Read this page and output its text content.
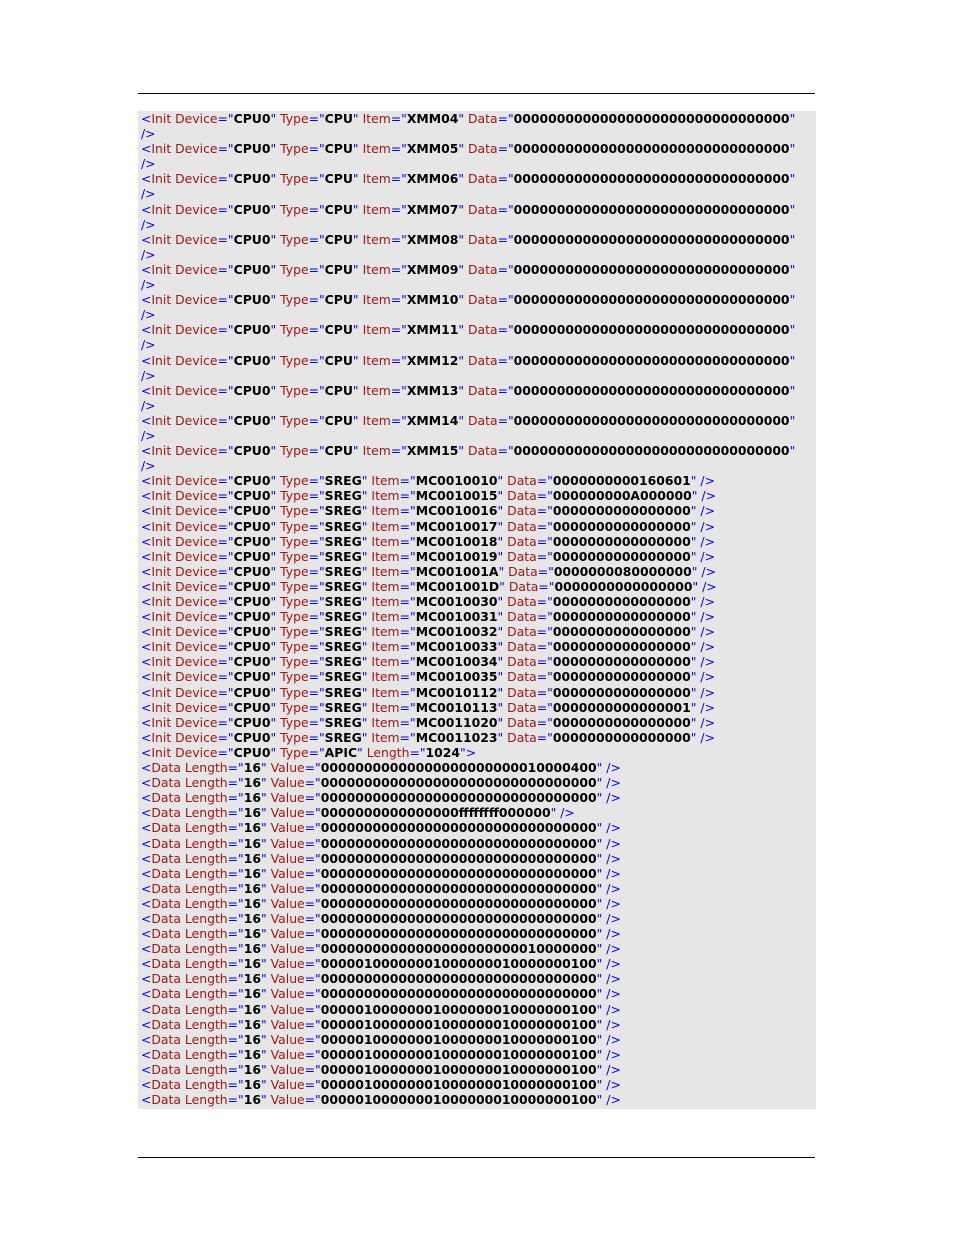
<Init Device="CPU0" Type="CPU" Item="XMM04" Data="00000000000000000000000000000000"
/>
<Init Device="CPU0" Type="CPU" Item="XMM05" Data="00000000000000000000000000000000"
/>
<Init Device="CPU0" Type="CPU" Item="XMM06" Data="00000000000000000000000000000000"
/>
<Init Device="CPU0" Type="CPU" Item="XMM07" Data="00000000000000000000000000000000"
/>
<Init Device="CPU0" Type="CPU" Item="XMM08" Data="00000000000000000000000000000000"
/>
<Init Device="CPU0" Type="CPU" Item="XMM09" Data="00000000000000000000000000000000"
/>
<Init Device="CPU0" Type="CPU" Item="XMM10" Data="00000000000000000000000000000000"
/>
<Init Device="CPU0" Type="CPU" Item="XMM11" Data="00000000000000000000000000000000"
/>
<Init Device="CPU0" Type="CPU" Item="XMM12" Data="00000000000000000000000000000000"
/>
<Init Device="CPU0" Type="CPU" Item="XMM13" Data="00000000000000000000000000000000"
/>
<Init Device="CPU0" Type="CPU" Item="XMM14" Data="00000000000000000000000000000000"
/>
<Init Device="CPU0" Type="CPU" Item="XMM15" Data="00000000000000000000000000000000"
/>
<Init Device="CPU0" Type="SREG" Item="MC0010010" Data="0000000000160601" />
<Init Device="CPU0" Type="SREG" Item="MC0010015" Data="000000000A000000" />
<Init Device="CPU0" Type="SREG" Item="MC0010016" Data="0000000000000000" />
<Init Device="CPU0" Type="SREG" Item="MC0010017" Data="0000000000000000" />
<Init Device="CPU0" Type="SREG" Item="MC0010018" Data="0000000000000000" />
<Init Device="CPU0" Type="SREG" Item="MC0010019" Data="0000000000000000" />
<Init Device="CPU0" Type="SREG" Item="MC001001A" Data="0000000080000000" />
<Init Device="CPU0" Type="SREG" Item="MC001001D" Data="0000000000000000" />
<Init Device="CPU0" Type="SREG" Item="MC0010030" Data="0000000000000000" />
<Init Device="CPU0" Type="SREG" Item="MC0010031" Data="0000000000000000" />
<Init Device="CPU0" Type="SREG" Item="MC0010032" Data="0000000000000000" />
<Init Device="CPU0" Type="SREG" Item="MC0010033" Data="0000000000000000" />
<Init Device="CPU0" Type="SREG" Item="MC0010034" Data="0000000000000000" />
<Init Device="CPU0" Type="SREG" Item="MC0010035" Data="0000000000000000" />
<Init Device="CPU0" Type="SREG" Item="MC0010112" Data="0000000000000000" />
<Init Device="CPU0" Type="SREG" Item="MC0010113" Data="0000000000000001" />
<Init Device="CPU0" Type="SREG" Item="MC0011020" Data="0000000000000000" />
<Init Device="CPU0" Type="SREG" Item="MC0011023" Data="0000000000000000" />
<Init Device="CPU0" Type="APIC" Length="1024">
<Data Length="16" Value="00000000000000000000000010000400" />
<Data Length="16" Value="00000000000000000000000000000000" />
<Data Length="16" Value="00000000000000000000000000000000" />
<Data Length="16" Value="0000000000000000ffffffff000000" />
<Data Length="16" Value="00000000000000000000000000000000" />
<Data Length="16" Value="00000000000000000000000000000000" />
<Data Length="16" Value="00000000000000000000000000000000" />
<Data Length="16" Value="00000000000000000000000000000000" />
<Data Length="16" Value="00000000000000000000000000000000" />
<Data Length="16" Value="00000000000000000000000000000000" />
<Data Length="16" Value="00000000000000000000000000000000" />
<Data Length="16" Value="00000000000000000000000000000000" />
<Data Length="16" Value="00000000000000000000000010000000" />
<Data Length="16" Value="00000100000001000000010000000100" />
<Data Length="16" Value="00000000000000000000000000000000" />
<Data Length="16" Value="00000000000000000000000000000000" />
<Data Length="16" Value="00000100000001000000010000000100" />
<Data Length="16" Value="00000100000001000000010000000100" />
<Data Length="16" Value="00000100000001000000010000000100" />
<Data Length="16" Value="00000100000001000000010000000100" />
<Data Length="16" Value="00000100000001000000010000000100" />
<Data Length="16" Value="00000100000001000000010000000100" />
<Data Length="16" Value="00000100000001000000010000000100" />
